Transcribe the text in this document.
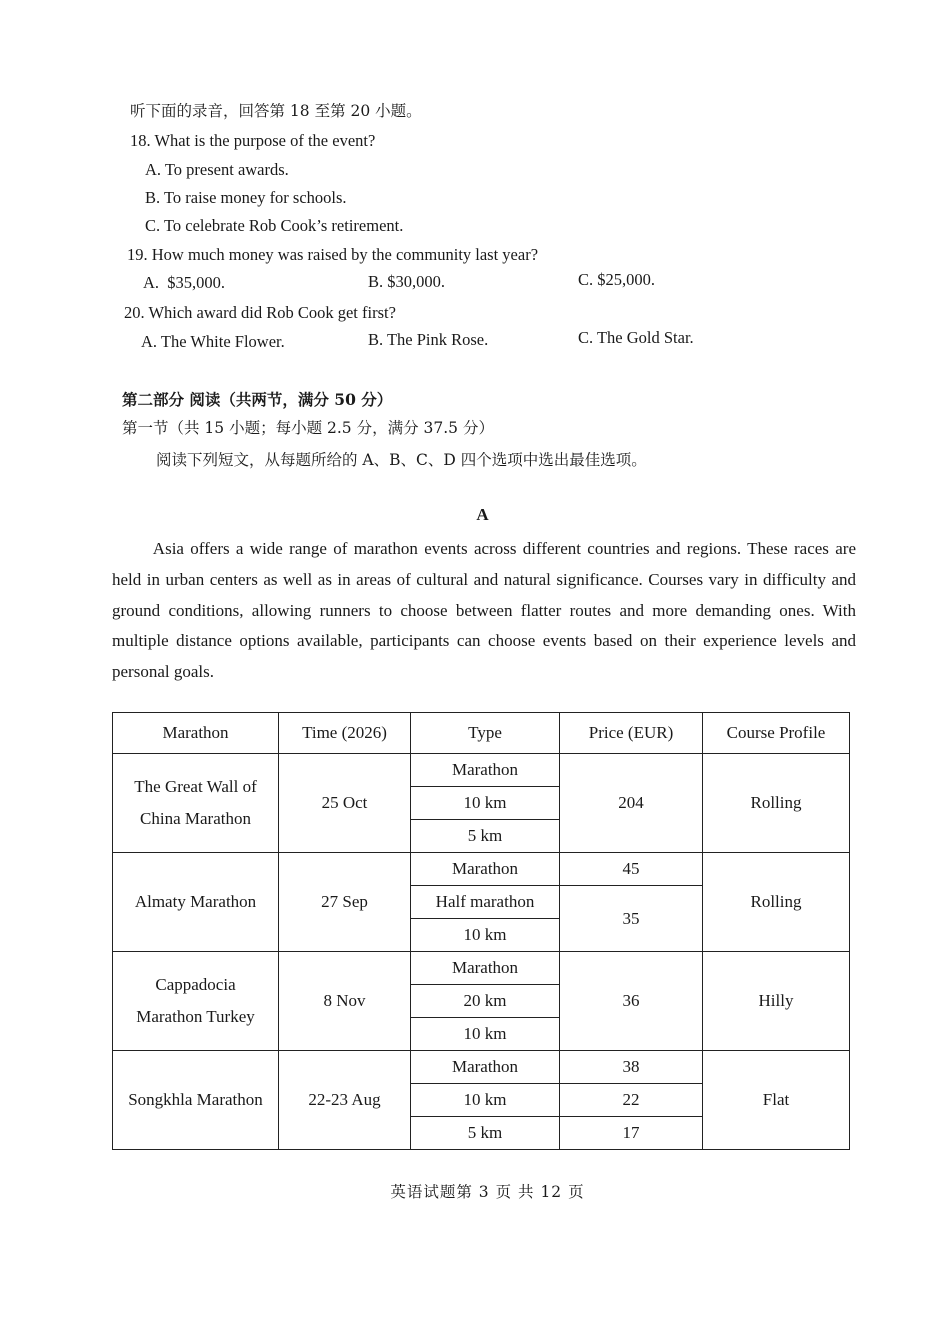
听下面的录音，回答第 18 至第 20 小题。
18. What is the purpose of the event?
A. To present awards.
B. To raise money for schools.
C. To celebrate Rob Cook’s retirement.
19. How much money was raised by the community last year?
A.  $35,000.	B. $30,000.	C. $25,000.
20. Which award did Rob Cook get first?
A. The White Flower.	B. The Pink Rose.	C. The Gold Star.
第二部分 阅读（共两节，满分 50 分）
第一节（共 15 小题；每小题 2.5 分，满分 37.5 分）
阅读下列短文，从每题所给的 A、B、C、D 四个选项中选出最佳选项。
A

Asia offers a wide range of marathon events across different countries and regions. These races are held in urban centers as well as in areas of cultural and natural significance. Courses vary in difficulty and ground conditions, allowing runners to choose between flatter routes and more demanding ones. With multiple distance options available, participants can choose events based on their experience levels and personal goals.

Marathon	Time (2026)	Type	Price (EUR)	Course Profile

The Great Wall of
China Marathon	25 Oct	Marathon	204	Rolling
		10 km		
		5 km		
Almaty Marathon	27 Sep	Marathon	45	Rolling
		Half marathon	35	
		10 km		

Cappadocia
Marathon Turkey	8 Nov	Marathon	36	Hilly
		20 km		
		10 km		
Songkhla Marathon	22-23 Aug	Marathon	38	Flat
		10 km	22	
		5 km	17	
英语试题第 3 页 共 12 页
